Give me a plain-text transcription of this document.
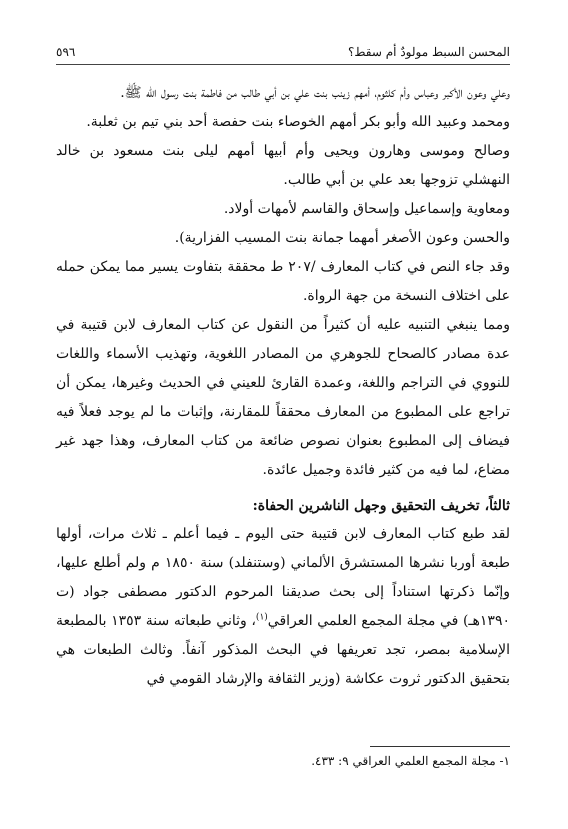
المحسن السبط مولودٌ أم سقط؟
٥٩٦

وعلي وعون الأكبر وعباس وأم كلثوم، أمهم زينب بنت علي بن أبي طالب من فاطمة بنت رسول الله ﷺ.

ومحمد وعبيد الله وأبو بكر أمهم الخوصاء بنت حفصة أحد بني تيم بن ثعلبة.

وصالح وموسى وهارون ويحيى وأم أبيها أمهم ليلى بنت مسعود بن خالد النهشلي تزوجها بعد علي بن أبي طالب.

ومعاوية وإسماعيل وإسحاق والقاسم لأمهات أولاد.

والحسن وعون الأصغر أمهما جمانة بنت المسيب الفزارية).

وقد جاء النص في كتاب المعارف /٢٠٧ ط محققة بتفاوت يسير مما يمكن حمله على اختلاف النسخة من جهة الرواة.

ومما ينبغي التنبيه عليه أن كثيراً من النقول عن كتاب المعارف لابن قتيبة في عدة مصادر كالصحاح للجوهري من المصادر اللغوية، وتهذيب الأسماء واللغات للنووي في التراجم واللغة، وعمدة القارئ للعيني في الحديث وغيرها، يمكن أن تراجع على المطبوع من المعارف محققاً للمقارنة، وإثبات ما لم يوجد فعلاً فيه فيضاف إلى المطبوع بعنوان نصوص ضائعة من كتاب المعارف، وهذا جهد غير مضاع، لما فيه من كثير فائدة وجميل عائدة.

ثالثاً، تخريف التحقيق وجهل الناشرين الحفاة:

لقد طبع كتاب المعارف لابن قتيبة حتى اليوم ـ فيما أعلم ـ ثلاث مرات، أولها طبعة أوربا نشرها المستشرق الألماني (وستنفلد) سنة ١٨٥٠ م ولم أطلع عليها، وإنّما ذكرتها استناداً إلى بحث صديقنا المرحوم الدكتور مصطفى جواد (ت ١٣٩٠هـ) في مجلة المجمع العلمي العراقي$^{(١)}$، وثاني طبعاته سنة ١٣٥٣ بالمطبعة الإسلامية بمصر، تجد تعريفها في البحث المذكور آنفاً. وثالث الطبعات هي بتحقيق الدكتور ثروت عكاشة (وزير الثقافة والإرشاد القومي في

١- مجلة المجمع العلمي العراقي ٩: ٤٣٣.
